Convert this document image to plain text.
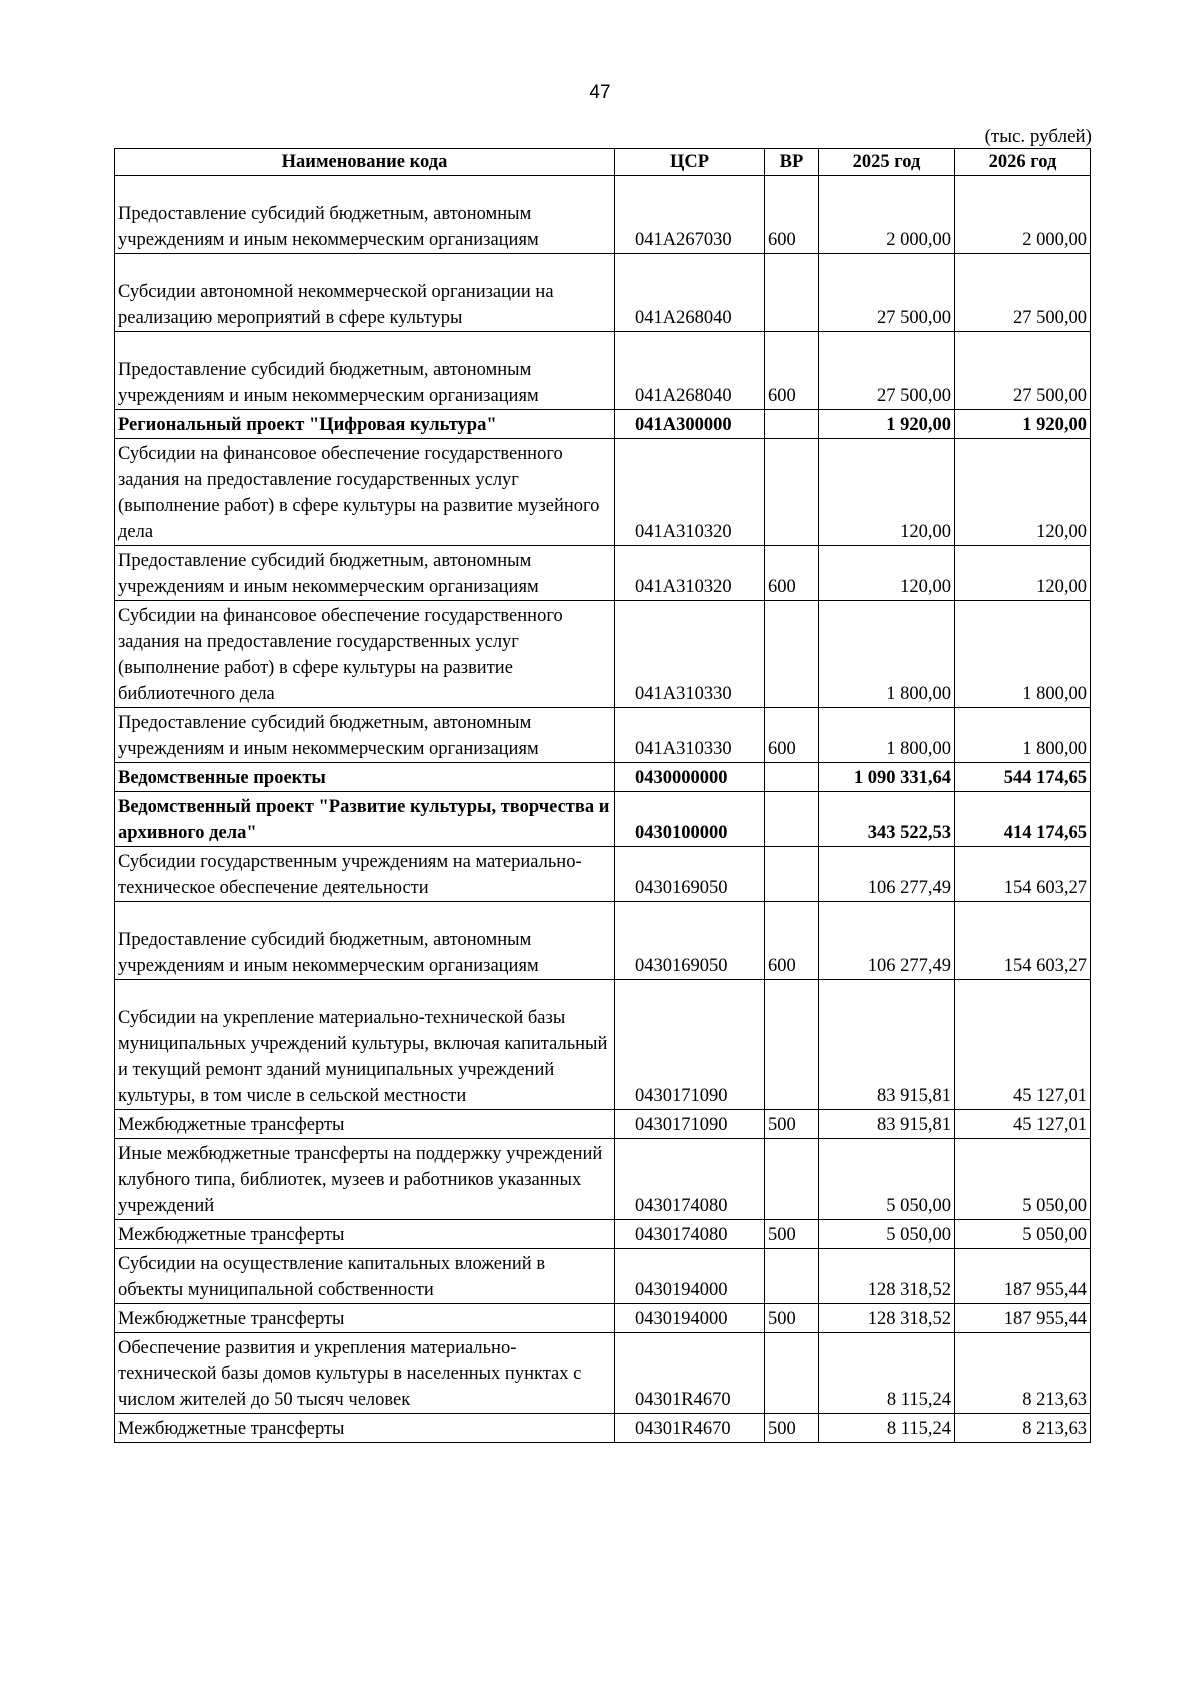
47
(тыс. рублей)
Наименование кода	ЦСР	ВР	2025 год	2026 год
Предоставление субсидий бюджетным, автономным учреждениям и иным некоммерческим организациям	041A267030	600	2 000,00	2 000,00
Субсидии автономной некоммерческой организации на реализацию мероприятий в сфере культуры	041A268040		27 500,00	27 500,00
Предоставление субсидий бюджетным, автономным учреждениям и иным некоммерческим организациям	041A268040	600	27 500,00	27 500,00
Региональный проект "Цифровая культура"	041A300000		1 920,00	1 920,00
Субсидии на финансовое обеспечение государственного задания на предоставление государственных услуг (выполнение работ) в сфере культуры на развитие музейного дела	041A310320		120,00	120,00
Предоставление субсидий бюджетным, автономным учреждениям и иным некоммерческим организациям	041A310320	600	120,00	120,00
Субсидии на финансовое обеспечение государственного задания на предоставление государственных услуг (выполнение работ) в сфере культуры на развитие библиотечного дела	041A310330		1 800,00	1 800,00
Предоставление субсидий бюджетным, автономным учреждениям и иным некоммерческим организациям	041A310330	600	1 800,00	1 800,00
Ведомственные проекты	0430000000		1 090 331,64	544 174,65
Ведомственный проект "Развитие культуры, творчества и архивного дела"	0430100000		343 522,53	414 174,65
Субсидии государственным учреждениям на материально-техническое обеспечение деятельности	0430169050		106 277,49	154 603,27
Предоставление субсидий бюджетным, автономным учреждениям и иным некоммерческим организациям	0430169050	600	106 277,49	154 603,27
Субсидии на укрепление материально-технической базы муниципальных учреждений культуры, включая капитальный и текущий ремонт зданий муниципальных учреждений культуры, в том числе в сельской местности	0430171090		83 915,81	45 127,01
Межбюджетные трансферты	0430171090	500	83 915,81	45 127,01
Иные межбюджетные трансферты на поддержку учреждений клубного типа, библиотек, музеев и работников указанных учреждений	0430174080		5 050,00	5 050,00
Межбюджетные трансферты	0430174080	500	5 050,00	5 050,00
Субсидии на осуществление капитальных вложений в объекты муниципальной собственности	0430194000		128 318,52	187 955,44
Межбюджетные трансферты	0430194000	500	128 318,52	187 955,44
Обеспечение развития и укрепления материально-технической базы домов культуры в населенных пунктах с числом жителей до 50 тысяч человек	04301R4670		8 115,24	8 213,63
Межбюджетные трансферты	04301R4670	500	8 115,24	8 213,63
